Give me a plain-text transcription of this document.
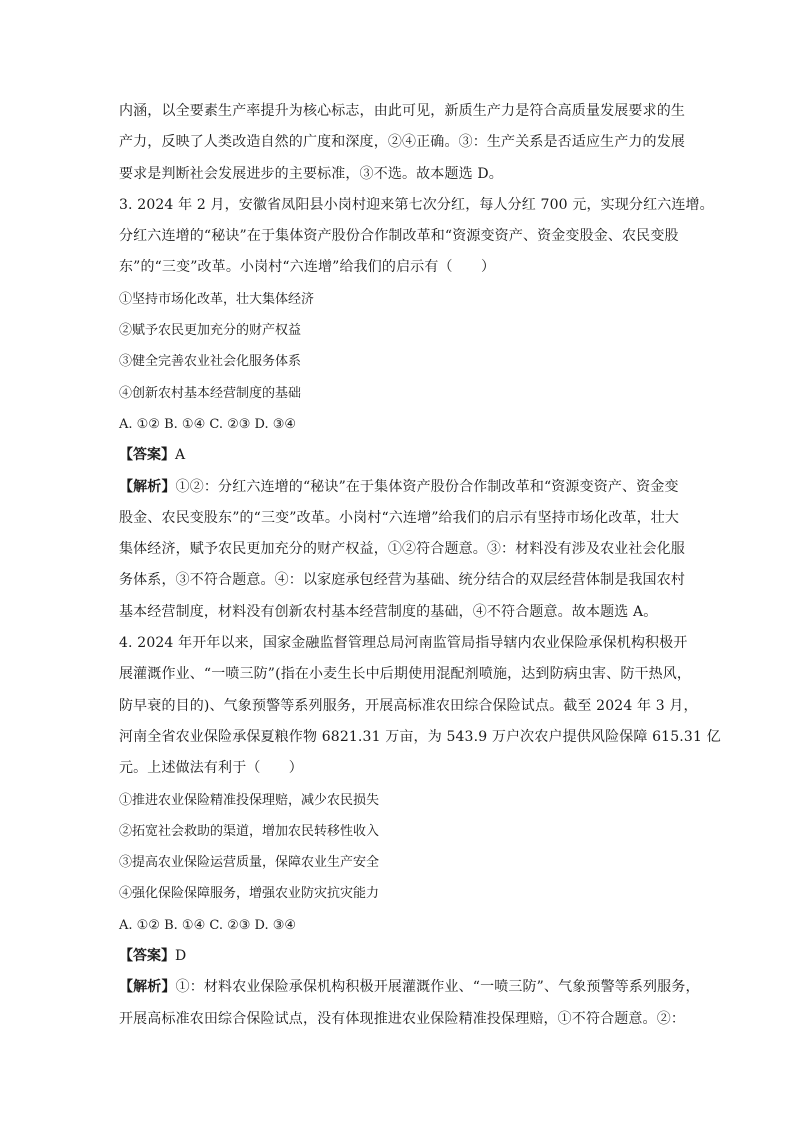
内涵，以全要素生产率提升为核心标志，由此可见，新质生产力是符合高质量发展要求的生
产力，反映了人类改造自然的广度和深度，②④正确。③：生产关系是否适应生产力的发展
要求是判断社会发展进步的主要标准，③不选。故本题选 D。
3. 2024 年 2 月，安徽省凤阳县小岗村迎来第七次分红，每人分红 700 元，实现分红六连增。
分红六连增的“秘诀”在于集体资产股份合作制改革和“资源变资产、资金变股金、农民变股
东”的“三变”改革。小岗村“六连增”给我们的启示有（　　）
①坚持市场化改革，壮大集体经济
②赋予农民更加充分的财产权益
③健全完善农业社会化服务体系
④创新农村基本经营制度的基础
A. ①② B. ①④ C. ②③ D. ③④
【答案】A
【解析】①②：分红六连增的“秘诀”在于集体资产股份合作制改革和“资源变资产、资金变
股金、农民变股东”的“三变”改革。小岗村“六连增”给我们的启示有坚持市场化改革，壮大
集体经济，赋予农民更加充分的财产权益，①②符合题意。③：材料没有涉及农业社会化服
务体系，③不符合题意。④：以家庭承包经营为基础、统分结合的双层经营体制是我国农村
基本经营制度，材料没有创新农村基本经营制度的基础，④不符合题意。故本题选 A。
4. 2024 年开年以来，国家金融监督管理总局河南监管局指导辖内农业保险承保机构积极开
展灌溉作业、“一喷三防”(指在小麦生长中后期使用混配剂喷施，达到防病虫害、防干热风，
防早衰的目的)、气象预警等系列服务，开展高标准农田综合保险试点。截至 2024 年 3 月，
河南全省农业保险承保夏粮作物 6821.31 万亩，为 543.9 万户次农户提供风险保障 615.31 亿
元。上述做法有利于（　　）
①推进农业保险精准投保理赔，减少农民损失
②拓宽社会救助的渠道，增加农民转移性收入
③提高农业保险运营质量，保障农业生产安全
④强化保险保障服务，增强农业防灾抗灾能力
A. ①② B. ①④ C. ②③ D. ③④
【答案】D
【解析】①：材料农业保险承保机构积极开展灌溉作业、“一喷三防”、气象预警等系列服务，
开展高标准农田综合保险试点，没有体现推进农业保险精准投保理赔，①不符合题意。②：
